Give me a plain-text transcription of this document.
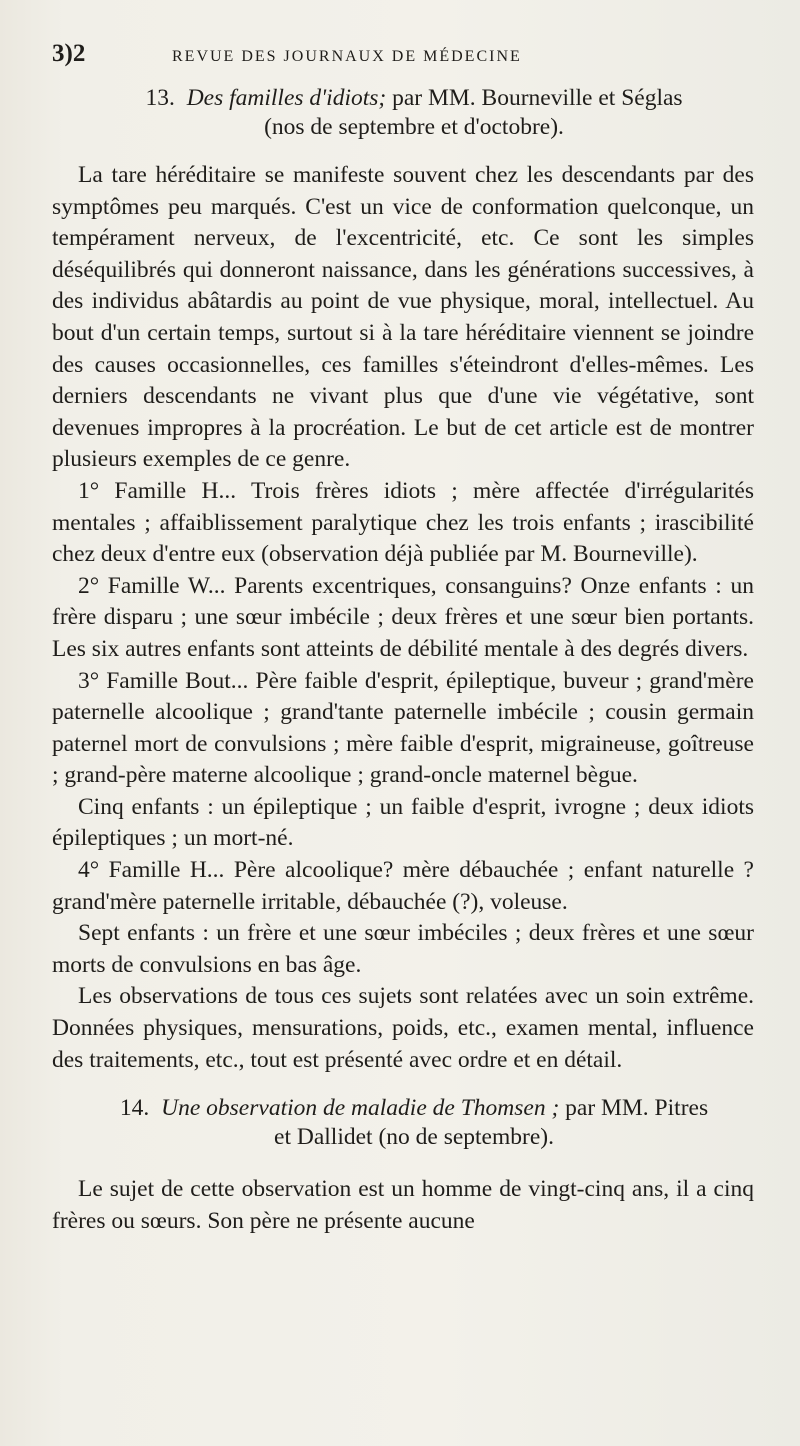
3)2	REVUE DES JOURNAUX DE MÉDECINE
13. Des familles d'idiots; par MM. Bourneville et Séglas
(nos de septembre et d'octobre).

La tare héréditaire se manifeste souvent chez les descendants par des symptômes peu marqués. C'est un vice de conformation quelconque, un tempérament nerveux, de l'excentricité, etc. Ce sont les simples déséquilibrés qui donneront naissance, dans les générations successives, à des individus abâtardis au point de vue physique, moral, intellectuel. Au bout d'un certain temps, surtout si à la tare héréditaire viennent se joindre des causes occasionnelles, ces familles s'éteindront d'elles-mêmes. Les derniers descendants ne vivant plus que d'une vie végétative, sont devenues impropres à la procréation. Le but de cet article est de montrer plusieurs exemples de ce genre.

1° Famille H... Trois frères idiots ; mère affectée d'irrégularités mentales ; affaiblissement paralytique chez les trois enfants ; irascibilité chez deux d'entre eux (observation déjà publiée par M. Bourneville).

2° Famille W... Parents excentriques, consanguins? Onze enfants : un frère disparu ; une sœur imbécile ; deux frères et une sœur bien portants. Les six autres enfants sont atteints de débilité mentale à des degrés divers.

3° Famille Bout... Père faible d'esprit, épileptique, buveur ; grand'mère paternelle alcoolique ; grand'tante paternelle imbécile ; cousin germain paternel mort de convulsions ; mère faible d'esprit, migraineuse, goîtreuse ; grand-père materne alcoolique ; grand-oncle maternel bègue.

Cinq enfants : un épileptique ; un faible d'esprit, ivrogne ; deux idiots épileptiques ; un mort-né.

4° Famille H... Père alcoolique? mère débauchée ; enfant naturelle ? grand'mère paternelle irritable, débauchée (?), voleuse.

Sept enfants : un frère et une sœur imbéciles ; deux frères et une sœur morts de convulsions en bas âge.

Les observations de tous ces sujets sont relatées avec un soin extrême. Données physiques, mensurations, poids, etc., examen mental, influence des traitements, etc., tout est présenté avec ordre et en détail.

14. Une observation de maladie de Thomsen ; par MM. Pitres
et Dallidet (no de septembre).

Le sujet de cette observation est un homme de vingt-cinq ans, il a cinq frères ou sœurs. Son père ne présente aucune
